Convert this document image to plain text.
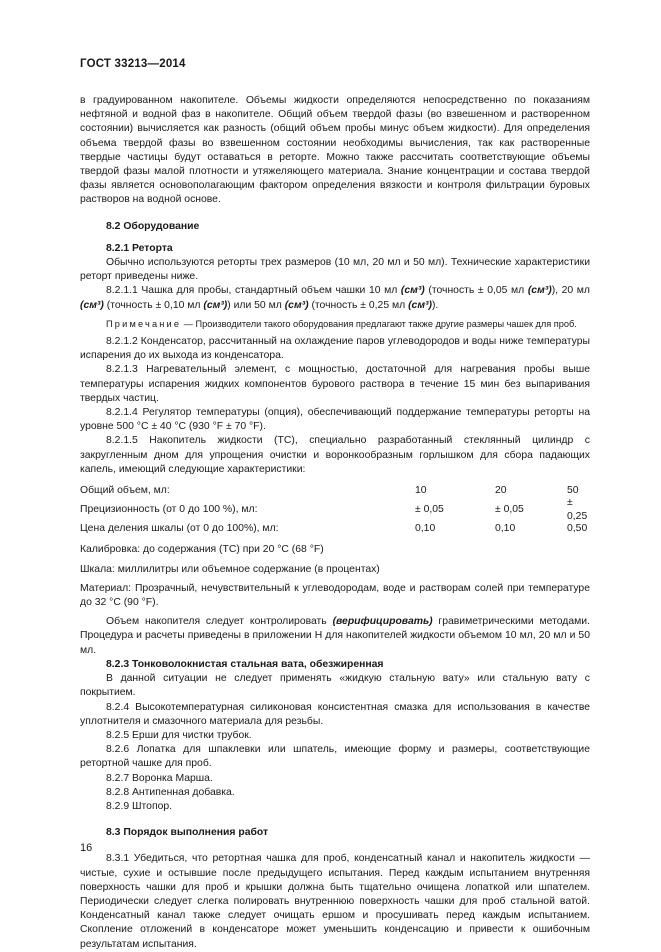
ГОСТ 33213—2014

в градуированном накопителе. Объемы жидкости определяются непосредственно по показаниям нефтяной и водной фаз в накопителе. Общий объем твердой фазы (во взвешенном и растворенном состоянии) вычисляется как разность (общий объем пробы минус объем жидкости). Для определения объема твердой фазы во взвешенном состоянии необходимы вычисления, так как растворенные твердые частицы будут оставаться в реторте. Можно также рассчитать соответствующие объемы твердой фазы малой плотности и утяжеляющего материала. Знание концентрации и состава твердой фазы является основополагающим фактором определения вязкости и контроля фильтрации буровых растворов на водной основе.

8.2 Оборудование

8.2.1 Реторта

Обычно используются реторты трех размеров (10 мл, 20 мл и 50 мл). Технические характеристики реторт приведены ниже.

8.2.1.1 Чашка для пробы, стандартный объем чашки 10 мл (см³) (точность ± 0,05 мл (см³)), 20 мл (см³) (точность ± 0,10 мл (см³)) или 50 мл (см³) (точность ± 0,25 мл (см³)).

Примечание — Производители такого оборудования предлагают также другие размеры чашек для проб.

8.2.1.2 Конденсатор, рассчитанный на охлаждение паров углеводородов и воды ниже температуры испарения до их выхода из конденсатора.

8.2.1.3 Нагревательный элемент, с мощностью, достаточной для нагревания пробы выше температуры испарения жидких компонентов бурового раствора в течение 15 мин без выпаривания твердых частиц.

8.2.1.4 Регулятор температуры (опция), обеспечивающий поддержание температуры реторты на уровне 500 °С ± 40 °С (930 °F ± 70 °F).

8.2.1.5 Накопитель жидкости (ТС), специально разработанный стеклянный цилиндр с закругленным дном для упрощения очистки и воронкообразным горлышком для сбора падающих капель, имеющий следующие характеристики:

Общий объем, мл:	10	20	50
Прецизионность (от 0 до 100 %), мл:	± 0,05	± 0,05
± 0,25
Цена деления шкалы (от 0 до 100%), мл:	0,10	0,10	0,50

Калибровка: до содержания (ТС) при 20 °С (68 °F)

Шкала: миллилитры или объемное содержание (в процентах)

Материал: Прозрачный, нечувствительный к углеводородам, воде и растворам солей при температуре до 32 °С (90 °F).

Объем накопителя следует контролировать (верифицировать) гравиметрическими методами. Процедура и расчеты приведены в приложении Н для накопителей жидкости объемом 10 мл, 20 мл и 50 мл.

8.2.3 Тонковолокнистая стальная вата, обезжиренная

В данной ситуации не следует применять «жидкую стальную вату» или стальную вату с покрытием.

8.2.4 Высокотемпературная силиконовая консистентная смазка для использования в качестве уплотнителя и смазочного материала для резьбы.

8.2.5 Ерши для чистки трубок.

8.2.6 Лопатка для шпаклевки или шпатель, имеющие форму и размеры, соответствующие ретортной чашке для проб.

8.2.7 Воронка Марша.

8.2.8 Антипенная добавка.

8.2.9 Штопор.

8.3 Порядок выполнения работ

8.3.1 Убедиться, что ретортная чашка для проб, конденсатный канал и накопитель жидкости — чистые, сухие и остывшие после предыдущего испытания. Перед каждым испытанием внутренняя поверхность чашки для проб и крышки должна быть тщательно очищена лопаткой или шпателем. Периодически следует слегка полировать внутреннюю поверхность чашки для проб стальной ватой. Конденсатный канал также следует очищать ершом и просушивать перед каждым испытанием. Скопление отложений в конденсаторе может уменьшить конденсацию и привести к ошибочным результатам испытания.

16
